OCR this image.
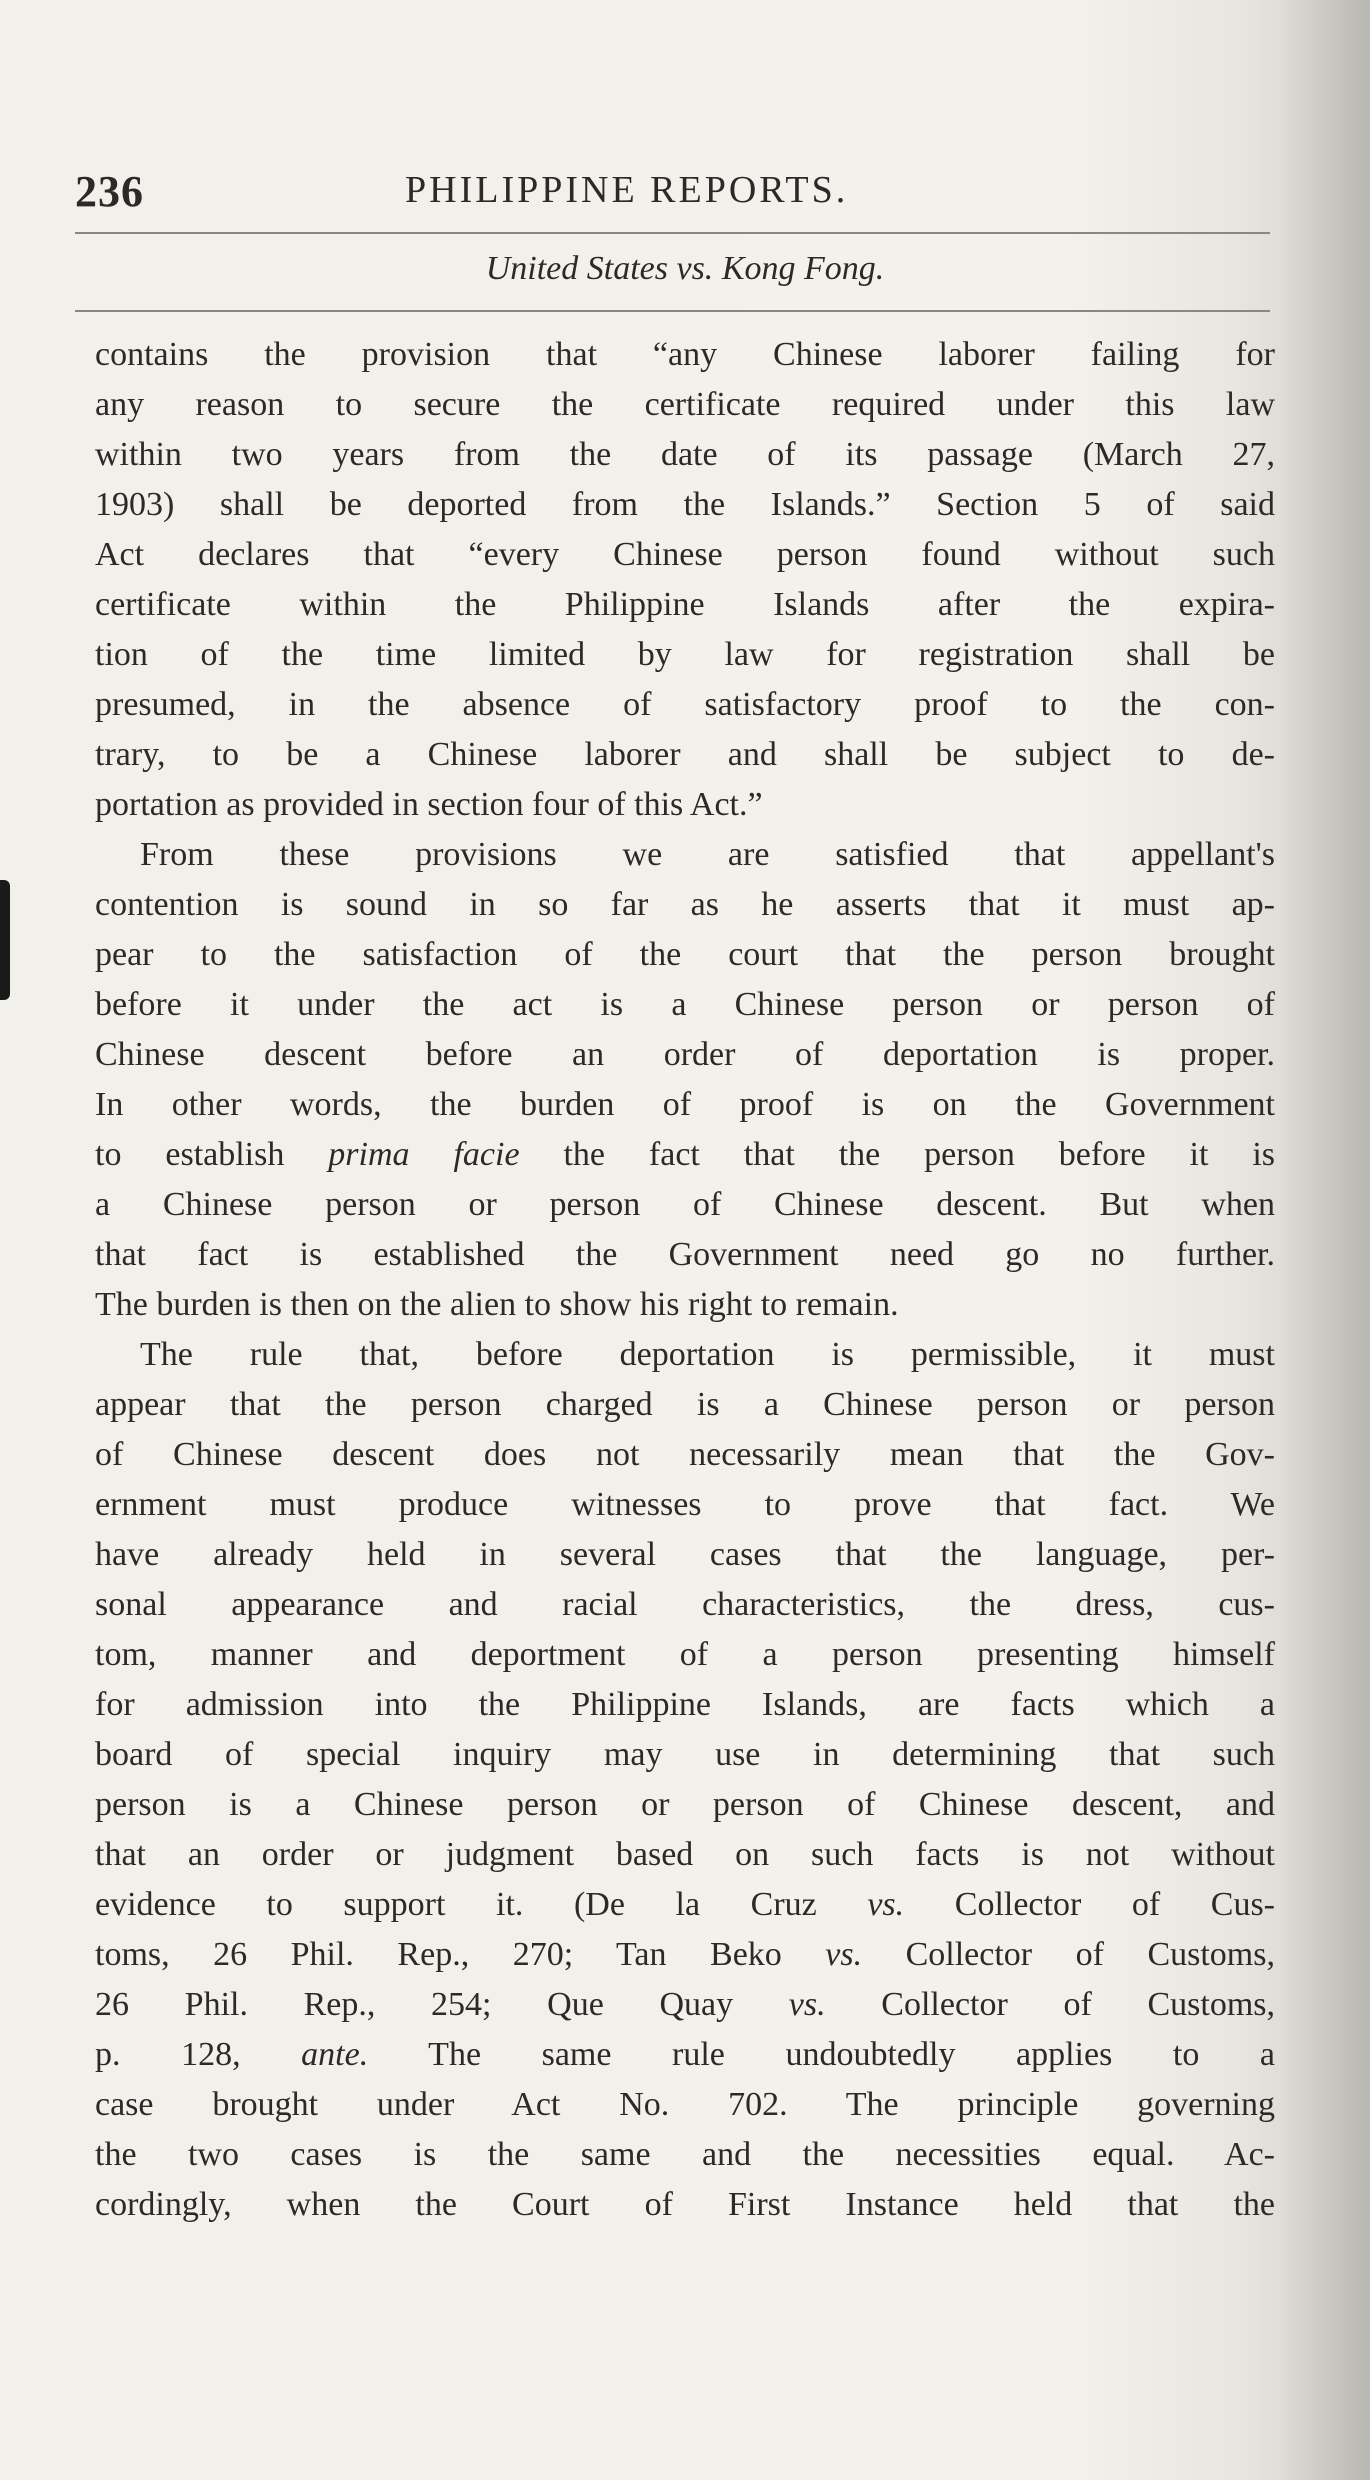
236	PHILIPPINE REPORTS.
United States vs. Kong Fong.
contains the provision that “any Chinese laborer failing for
any reason to secure the certificate required under this law
within two years from the date of its passage (March 27,
1903) shall be deported from the Islands.” Section 5 of said
Act declares that “every Chinese person found without such
certificate within the Philippine Islands after the expira-
tion of the time limited by law for registration shall be
presumed, in the absence of satisfactory proof to the con-
trary, to be a Chinese laborer and shall be subject to de-
portation as provided in section four of this Act.”
From these provisions we are satisfied that appellant's
contention is sound in so far as he asserts that it must ap-
pear to the satisfaction of the court that the person brought
before it under the act is a Chinese person or person of
Chinese descent before an order of deportation is proper.
In other words, the burden of proof is on the Government
to establish prima facie the fact that the person before it is
a Chinese person or person of Chinese descent. But when
that fact is established the Government need go no further.
The burden is then on the alien to show his right to remain.
The rule that, before deportation is permissible, it must
appear that the person charged is a Chinese person or person
of Chinese descent does not necessarily mean that the Gov-
ernment must produce witnesses to prove that fact. We
have already held in several cases that the language, per-
sonal appearance and racial characteristics, the dress, cus-
tom, manner and deportment of a person presenting himself
for admission into the Philippine Islands, are facts which a
board of special inquiry may use in determining that such
person is a Chinese person or person of Chinese descent, and
that an order or judgment based on such facts is not without
evidence to support it. (De la Cruz vs. Collector of Cus-
toms, 26 Phil. Rep., 270; Tan Beko vs. Collector of Customs,
26 Phil. Rep., 254; Que Quay vs. Collector of Customs,
p. 128, ante. The same rule undoubtedly applies to a
case brought under Act No. 702. The principle governing
the two cases is the same and the necessities equal. Ac-
cordingly, when the Court of First Instance held that the
